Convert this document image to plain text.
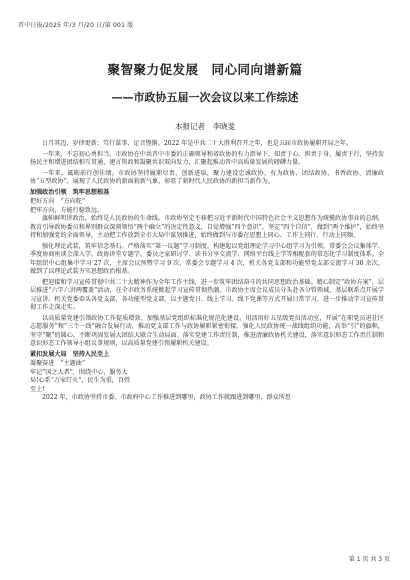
晋中日报/2025 年/3 月/20 日/第 001 版
聚智聚力促发展　同心同向谱新篇
——市政协五届一次会议以来工作综述
本报记者　李晓斐

日月其迈，岁律更新；笃行谋事，足音铿锵。2022 年是中共二十大胜利召开之年，也是五届市政协履职开局之年。

一年来，不忘初心勇担当。市政协在中共晋中市委的正确领导和省政协的有力指导下，知责于心、担责于身、履责于行，坚持发扬民主和增进团结相互贯通、建言资政和凝聚共识双向发力，汇聚起推动晋中高质量发展的磅礴力量。

一年来，砥砺前行创佳绩。市政协坚持履职尽责、创新进取，聚力建设忠诚政协、有为政协、团结政协、书香政协、清廉政协“五型政协”，展现了人民政协的新面貌新气象，彰显了新时代人民政协的新担当新作为。

加强政治引领　筑牢思想根基

把好方向　“方向舵”

把牢方向，方能行稳致远。

旗帜鲜明讲政治，始终是人民政协的生命线。市政协坚定不移把习近平新时代中国特色社会主义思想作为统揽政协事业的总纲，教育引导政协委员和界别群众深刻领悟“两个确立”的决定性意义，自觉增强“四个意识”，坚定“四个自信”，做到“两个维护”，始终坚持和加强党的全面领导，主动把工作放到全市大局中谋划推进，始终做到与市委在思想上同心、工作上同行、行动上同频。

强化理论武装，筑牢信念基石。严格落实“第一议题”学习制度，构建起以党组理论学习中心组学习为引领，常委会会议集体学、季度协商座谈会深入学、政协讲堂专题学、委员之家研讨学、读书分享交流学、网络平台线上学等相配套的常态化学习制度体系。全年组织中心组集中学习 27 次，主席会议预暨学习 9 次，常委会专题学习 4 次，机关各党支部和功能型党支部交流学习 30 余次，做到了以理论武装夯实思想政治根基。

把迎接和学习宣传贯彻中共二十大精神作为全年工作主线，进一步筑牢团结奋斗的共同思想政治基础。精心制定“政协方案”，层层推进“六学六讲两覆盖”活动，在全市政务系统掀起学习宣传贯彻热潮。市政协主席会议成员分头赴各分管领域、基层联系点开展学习宣讲。机关党委牵头各党支部，各功能型党支部，以主题党日、线上学习、线下党课等方式开展日常学习，进一步推动学习宣传贯彻工作走深走实。

以高质量党建引领政协工作提质增效。加强基层党组织标准化规范化建设，用活用好五星级党员活动室，开展“在职党员进社区志愿服务”和“三个一线”融合发展行动，推动党支部工作与政协履职紧密衔接、强化人民政协统一战线组织功能，高举“引”的旗帜，坚守“聚”的圆心，不断巩固发展大团结大联合生动局面。落实党建工作责任制，推进清廉政协机关建设，落实意识形态工作责任制和意识形态工作领导小组议事规则，以高质量党建引领履职机关建设。

紧扣发展大局　坚持人民至上

凝聚奋进　“主题曲”

牢记“国之大者”，围绕中心，服务大

局!心系“万家灯火”，民生为重，百姓

至上!

2022 年，市政协坚持市委、市政府中心工作推进到哪里，政协工作就跟进到哪里，群众所思

第 1 页 共 3 页
